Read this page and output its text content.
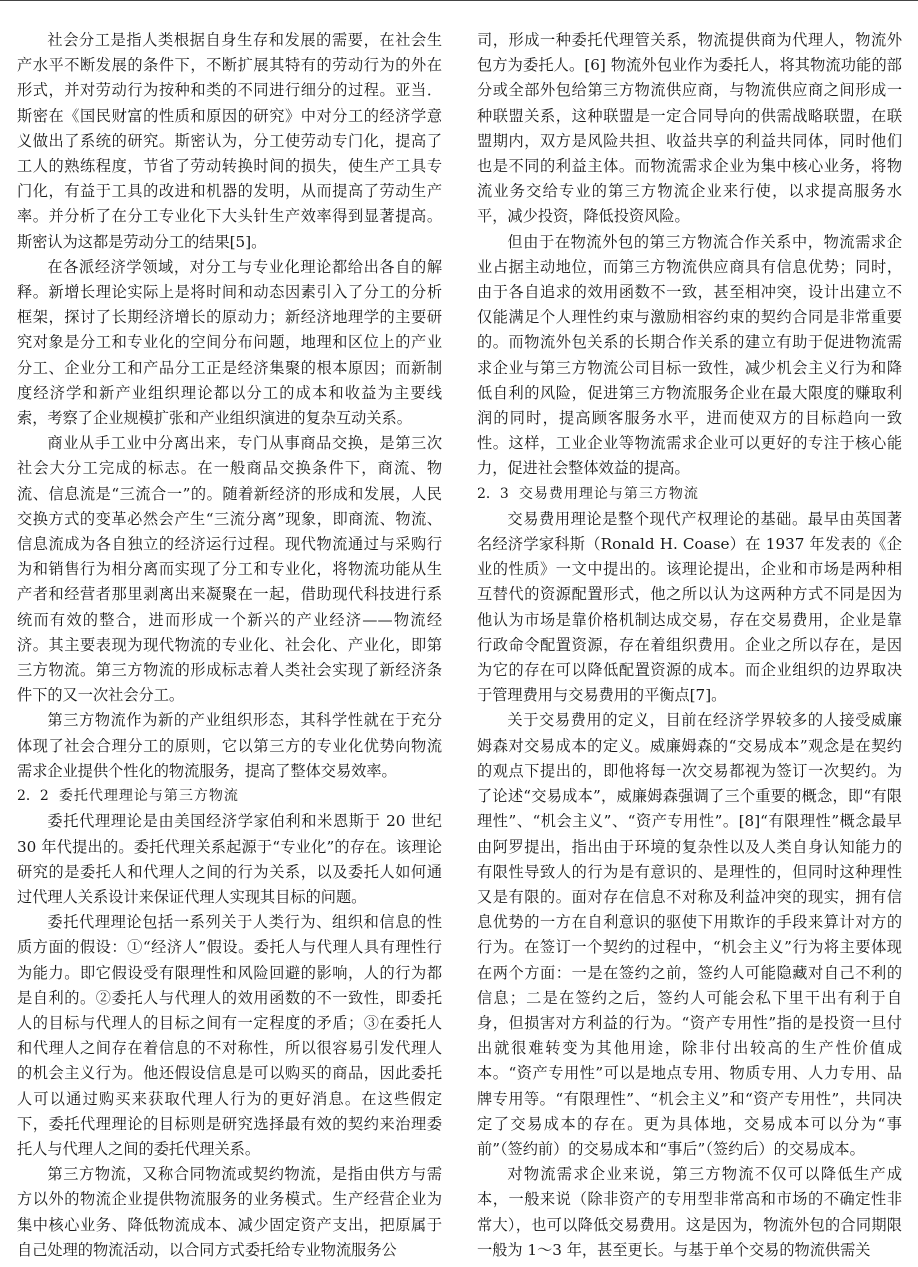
社会分工是指人类根据自身生存和发展的需要，在社会生产水平不断发展的条件下，不断扩展其特有的劳动行为的外在形式，并对劳动行为按种和类的不同进行细分的过程。亚当．斯密在《国民财富的性质和原因的研究》中对分工的经济学意义做出了系统的研究。斯密认为，分工使劳动专门化，提高了工人的熟练程度，节省了劳动转换时间的损失，使生产工具专门化，有益于工具的改进和机器的发明，从而提高了劳动生产率。并分析了在分工专业化下大头针生产效率得到显著提高。斯密认为这都是劳动分工的结果[5]。

在各派经济学领域，对分工与专业化理论都给出各自的解释。新增长理论实际上是将时间和动态因素引入了分工的分析框架，探讨了长期经济增长的原动力；新经济地理学的主要研究对象是分工和专业化的空间分布问题，地理和区位上的产业分工、企业分工和产品分工正是经济集聚的根本原因；而新制度经济学和新产业组织理论都以分工的成本和收益为主要线索，考察了企业规模扩张和产业组织演进的复杂互动关系。

商业从手工业中分离出来，专门从事商品交换，是第三次社会大分工完成的标志。在一般商品交换条件下，商流、物流、信息流是“三流合一”的。随着新经济的形成和发展，人民交换方式的变革必然会产生“三流分离”现象，即商流、物流、信息流成为各自独立的经济运行过程。现代物流通过与采购行为和销售行为相分离而实现了分工和专业化，将物流功能从生产者和经营者那里剥离出来凝聚在一起，借助现代科技进行系统而有效的整合，进而形成一个新兴的产业经济——物流经济。其主要表现为现代物流的专业化、社会化、产业化，即第三方物流。第三方物流的形成标志着人类社会实现了新经济条件下的又一次社会分工。

第三方物流作为新的产业组织形态，其科学性就在于充分体现了社会合理分工的原则，它以第三方的专业化优势向物流需求企业提供个性化的物流服务，提高了整体交易效率。

2．2 委托代理理论与第三方物流

委托代理理论是由美国经济学家伯利和米恩斯于 20 世纪 30 年代提出的。委托代理关系起源于“专业化”的存在。该理论研究的是委托人和代理人之间的行为关系，以及委托人如何通过代理人关系设计来保证代理人实现其目标的问题。

委托代理理论包括一系列关于人类行为、组织和信息的性质方面的假设：①“经济人”假设。委托人与代理人具有理性行为能力。即它假设受有限理性和风险回避的影响，人的行为都是自利的。②委托人与代理人的效用函数的不一致性，即委托人的目标与代理人的目标之间有一定程度的矛盾；③在委托人和代理人之间存在着信息的不对称性，所以很容易引发代理人的机会主义行为。他还假设信息是可以购买的商品，因此委托人可以通过购买来获取代理人行为的更好消息。在这些假定下，委托代理理论的目标则是研究选择最有效的契约来治理委托人与代理人之间的委托代理关系。

第三方物流，又称合同物流或契约物流，是指由供方与需方以外的物流企业提供物流服务的业务模式。生产经营企业为集中核心业务、降低物流成本、减少固定资产支出，把原属于自己处理的物流活动，以合同方式委托给专业物流服务公

司，形成一种委托代理管关系，物流提供商为代理人，物流外包方为委托人。[6] 物流外包业作为委托人，将其物流功能的部分或全部外包给第三方物流供应商，与物流供应商之间形成一种联盟关系，这种联盟是一定合同导向的供需战略联盟，在联盟期内，双方是风险共担、收益共享的利益共同体，同时他们也是不同的利益主体。而物流需求企业为集中核心业务，将物流业务交给专业的第三方物流企业来行使，以求提高服务水平，减少投资，降低投资风险。

但由于在物流外包的第三方物流合作关系中，物流需求企业占据主动地位，而第三方物流供应商具有信息优势；同时，由于各自追求的效用函数不一致，甚至相冲突，设计出建立不仅能满足个人理性约束与激励相容约束的契约合同是非常重要的。而物流外包关系的长期合作关系的建立有助于促进物流需求企业与第三方物流公司目标一致性，减少机会主义行为和降低自利的风险，促进第三方物流服务企业在最大限度的赚取利润的同时，提高顾客服务水平，进而使双方的目标趋向一致性。这样，工业企业等物流需求企业可以更好的专注于核心能力，促进社会整体效益的提高。

2．3 交易费用理论与第三方物流

交易费用理论是整个现代产权理论的基础。最早由英国著名经济学家科斯（Ronald H. Coase）在 1937 年发表的《企业的性质》一文中提出的。该理论提出，企业和市场是两种相互替代的资源配置形式，他之所以认为这两种方式不同是因为他认为市场是靠价格机制达成交易，存在交易费用，企业是靠行政命令配置资源，存在着组织费用。企业之所以存在，是因为它的存在可以降低配置资源的成本。而企业组织的边界取决于管理费用与交易费用的平衡点[7]。

关于交易费用的定义，目前在经济学界较多的人接受威廉姆森对交易成本的定义。威廉姆森的“交易成本”观念是在契约的观点下提出的，即他将每一次交易都视为签订一次契约。为了论述“交易成本”，威廉姆森强调了三个重要的概念，即“有限理性”、“机会主义”、“资产专用性”。[8]“有限理性”概念最早由阿罗提出，指出由于环境的复杂性以及人类自身认知能力的有限性导致人的行为是有意识的、是理性的，但同时这种理性又是有限的。面对存在信息不对称及利益冲突的现实，拥有信息优势的一方在自利意识的驱使下用欺诈的手段来算计对方的行为。在签订一个契约的过程中，“机会主义”行为将主要体现在两个方面：一是在签约之前，签约人可能隐藏对自己不利的信息；二是在签约之后，签约人可能会私下里干出有利于自身，但损害对方利益的行为。“资产专用性”指的是投资一旦付出就很难转变为其他用途，除非付出较高的生产性价值成本。“资产专用性”可以是地点专用、物质专用、人力专用、品牌专用等。“有限理性”、“机会主义”和“资产专用性”，共同决定了交易成本的存在。更为具体地，交易成本可以分为“事前”（签约前）的交易成本和“事后”（签约后）的交易成本。

对物流需求企业来说，第三方物流不仅可以降低生产成本，一般来说（除非资产的专用型非常高和市场的不确定性非常大），也可以降低交易费用。这是因为，物流外包的合同期限一般为 1～3 年，甚至更长。与基于单个交易的物流供需关
